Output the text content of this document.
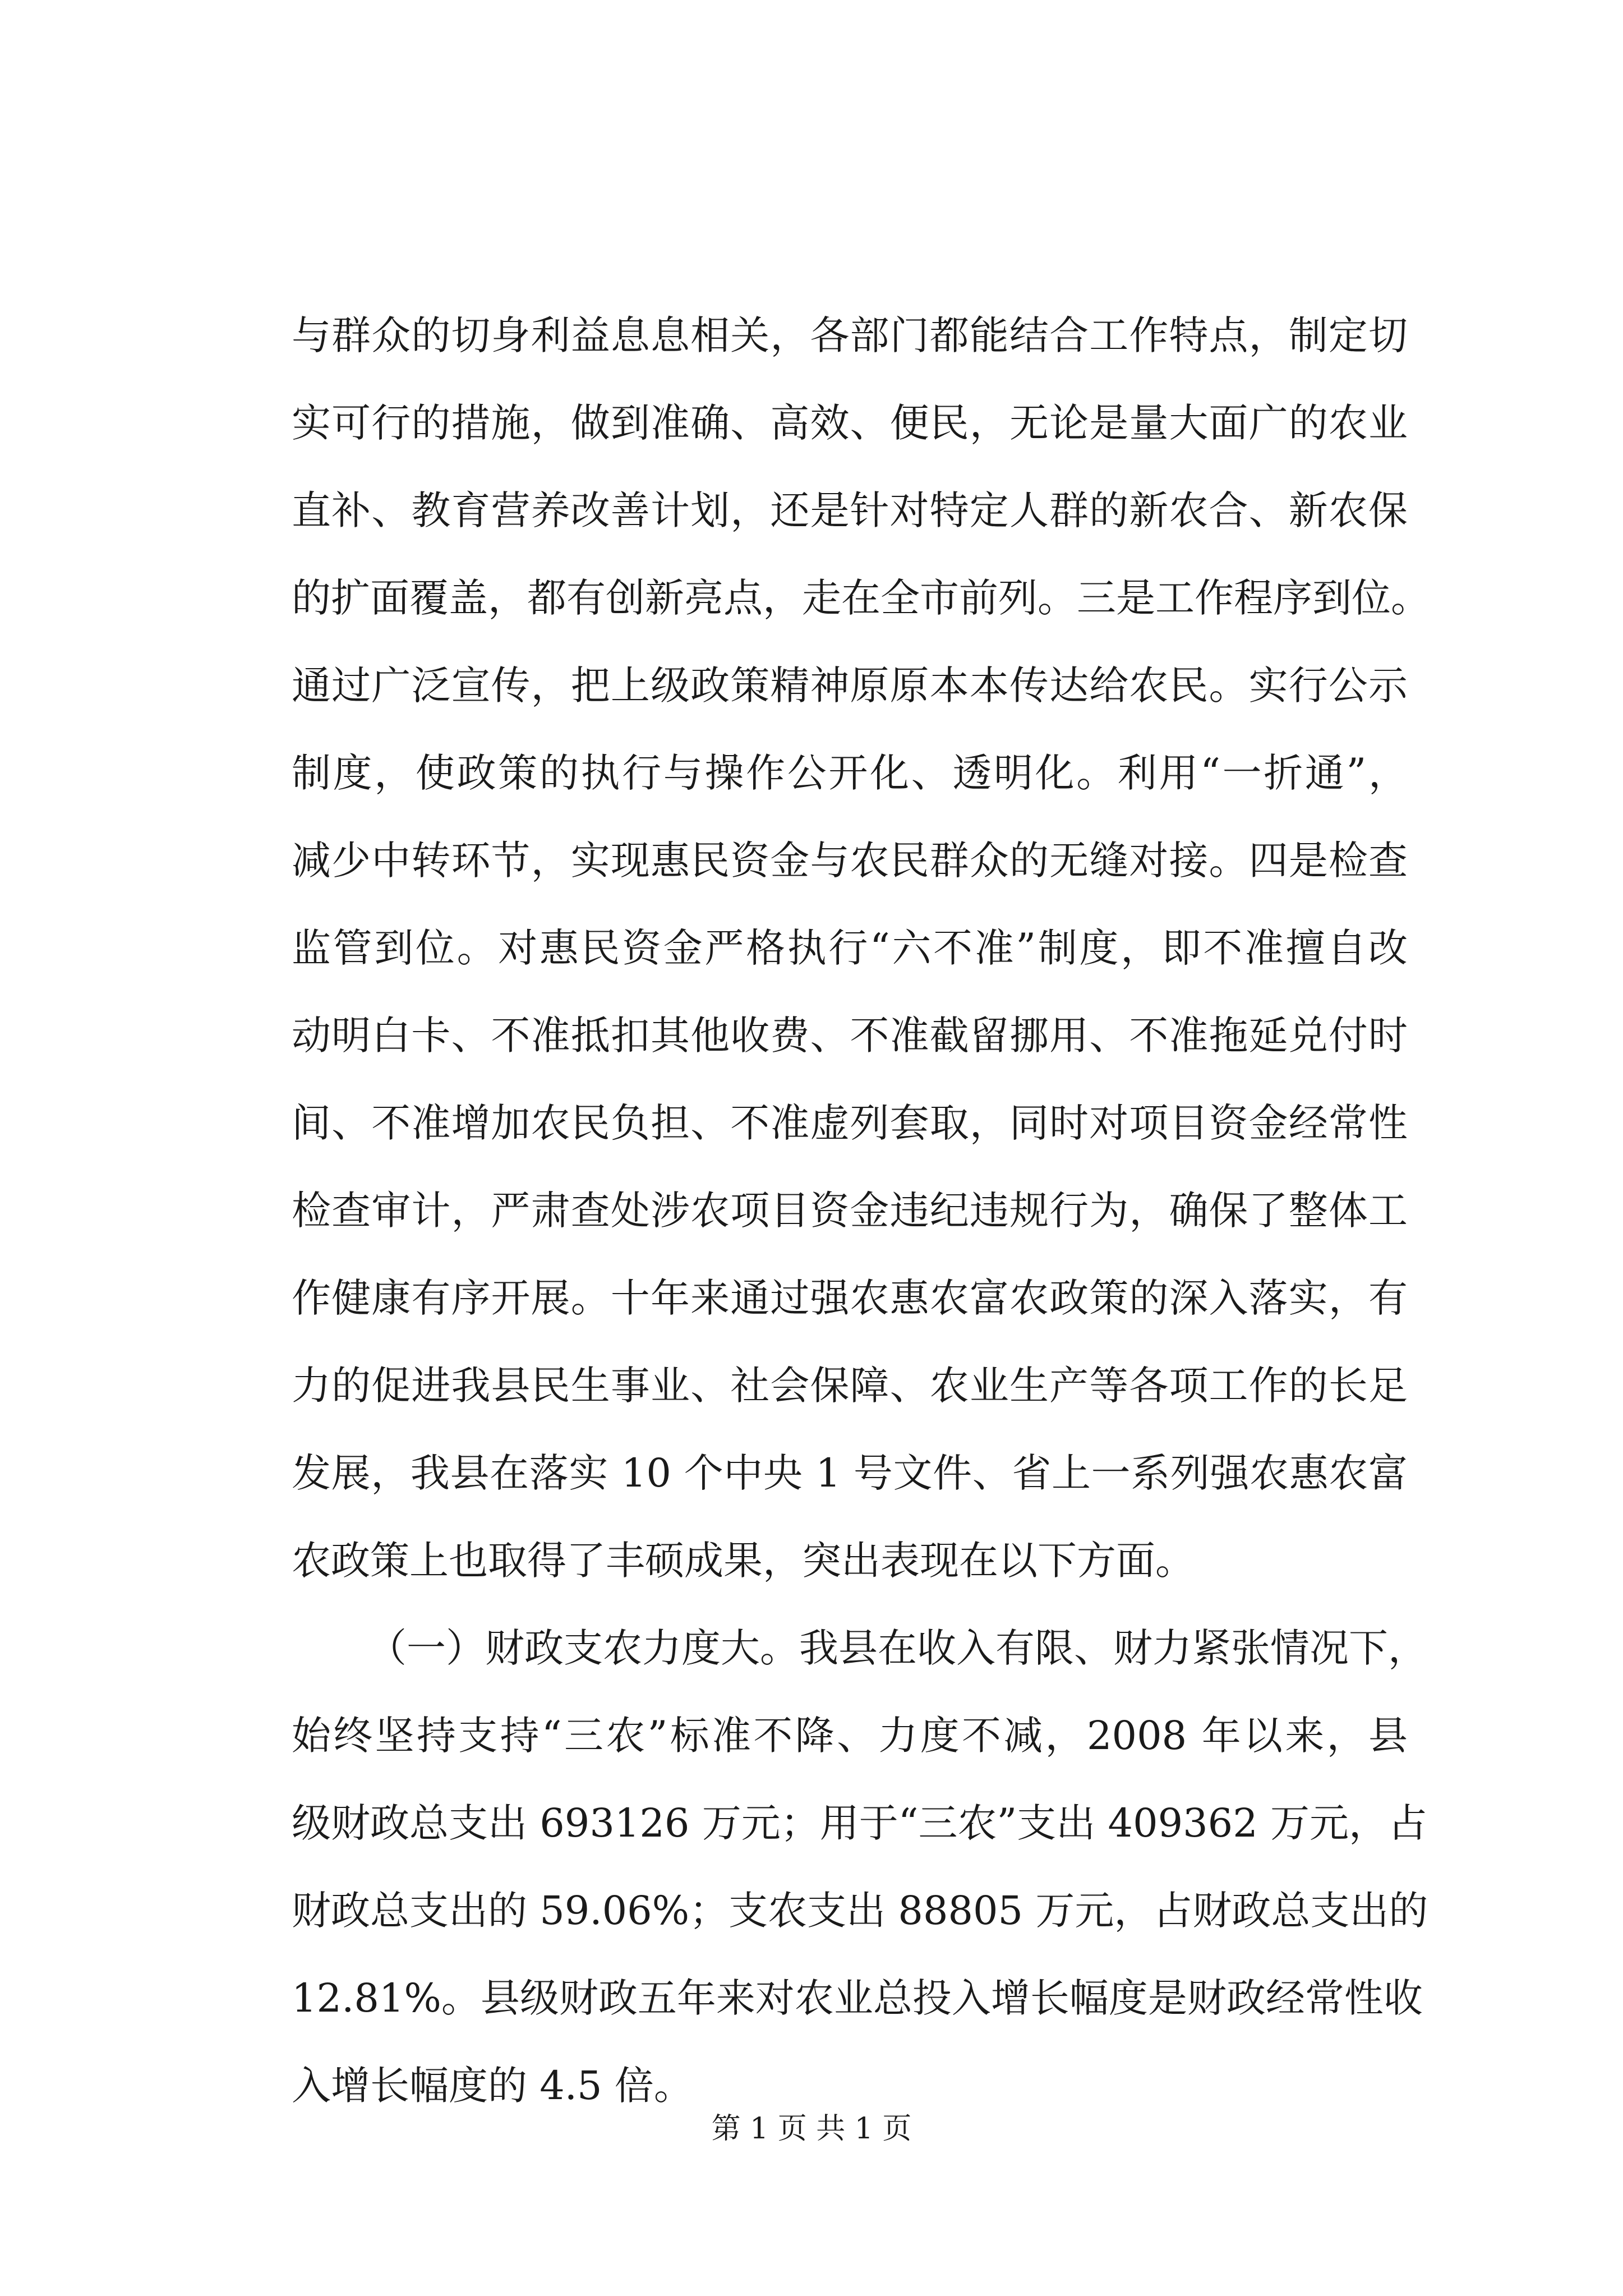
与群众的切身利益息息相关，各部门都能结合工作特点，制定切
实可行的措施，做到准确、高效、便民，无论是量大面广的农业
直补、教育营养改善计划，还是针对特定人群的新农合、新农保
的扩面覆盖，都有创新亮点，走在全市前列。三是工作程序到位。
通过广泛宣传，把上级政策精神原原本本传达给农民。实行公示
制度，使政策的执行与操作公开化、透明化。利用“一折通”，
减少中转环节，实现惠民资金与农民群众的无缝对接。四是检查
监管到位。对惠民资金严格执行“六不准”制度，即不准擅自改
动明白卡、不准抵扣其他收费、不准截留挪用、不准拖延兑付时
间、不准增加农民负担、不准虚列套取，同时对项目资金经常性
检查审计，严肃查处涉农项目资金违纪违规行为，确保了整体工
作健康有序开展。十年来通过强农惠农富农政策的深入落实，有
力的促进我县民生事业、社会保障、农业生产等各项工作的长足
发展，我县在落实 10 个中央 1 号文件、省上一系列强农惠农富
农政策上也取得了丰硕成果，突出表现在以下方面。
（一）财政支农力度大。我县在收入有限、财力紧张情况下，
始终坚持支持“三农”标准不降、力度不减，2008 年以来，县
级财政总支出 693126 万元；用于“三农”支出 409362 万元，占
财政总支出的 59.06%；支农支出 88805 万元，占财政总支出的
12.81%。县级财政五年来对农业总投入增长幅度是财政经常性收
入增长幅度的 4.5 倍。
第 1 页 共 1 页
